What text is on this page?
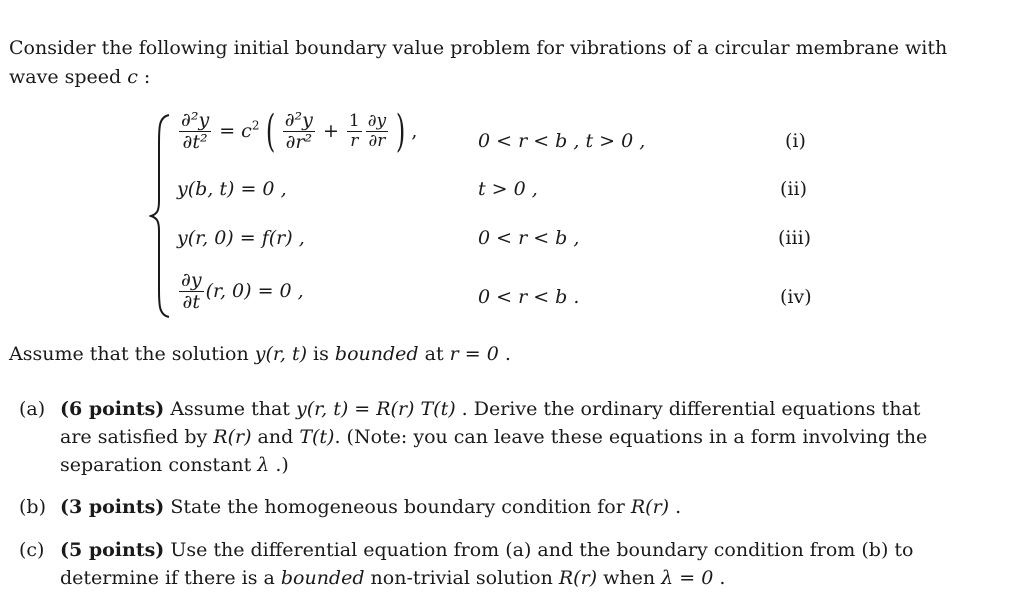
Consider the following initial boundary value problem for vibrations of a circular membrane with
wave speed c :
$\frac{\text{∂²y}}{\text{∂t²}} = c^2$ ( $\frac{\text{∂²y}}{\text{∂r²}} + \frac{1}{r} \frac{\partial y}{\partial r}$ ) ,	0 < r < b , t > 0 ,	(i)
y(b, t) = 0 ,	t > 0 ,	(ii)
y(r, 0) = f(r) ,	0 < r < b ,	(iii)
$\frac{\partial y}{\partial t} (r$, 0) = 0 ,	0 < r < b .	(iv)
Assume that the solution y(r, t) is bounded at r = 0 .
(a) (6 points) Assume that y(r, t) = R(r) T(t) . Derive the ordinary differential equations that
are satisfied by R(r) and T(t). (Note: you can leave these equations in a form involving the
separation constant λ .)
(b) (3 points) State the homogeneous boundary condition for R(r) .
(c) (5 points) Use the differential equation from (a) and the boundary condition from (b) to
determine if there is a bounded non-trivial solution R(r) when λ = 0 .
